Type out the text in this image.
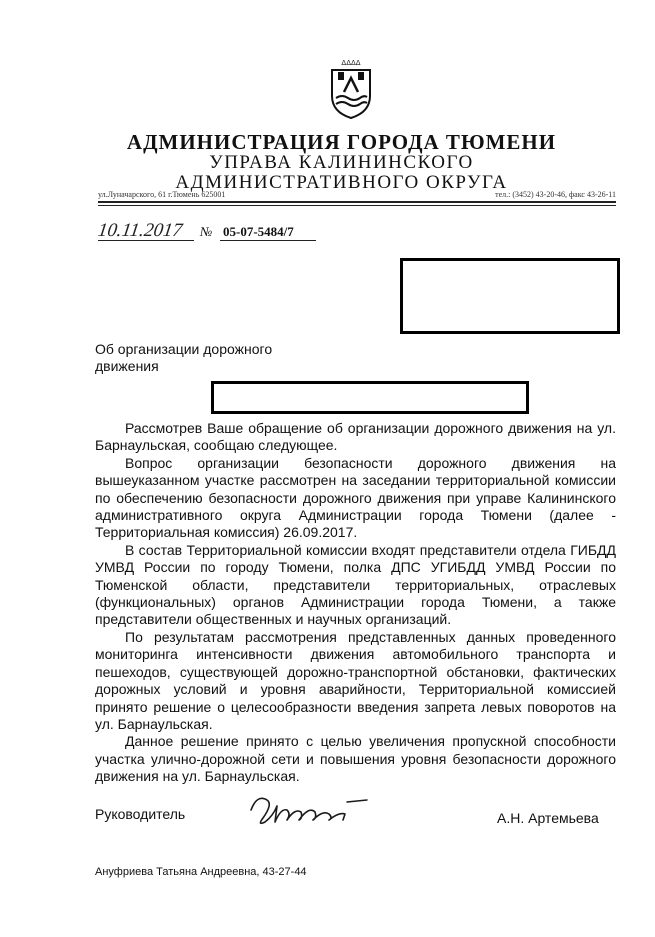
ΔΔΔΔ
АДМИНИСТРАЦИЯ ГОРОДА ТЮМЕНИ
УПРАВА КАЛИНИНСКОГО
АДМИНИСТРАТИВНОГО ОКРУГА
ул.Луначарского, 61 г.Тюмень 625001	тел.: (3452) 43-20-46, факс 43-26-11
10.11.2017 № 05-07-5484/7
Об организации дорожного движения

Рассмотрев Ваше обращение об организации дорожного движения на ул. Барнаульская, сообщаю следующее.

Вопрос организации безопасности дорожного движения на вышеуказанном участке рассмотрен на заседании территориальной комиссии по обеспечению безопасности дорожного движения при управе Калининского административного округа Администрации города Тюмени (далее - Территориальная комиссия) 26.09.2017.

В состав Территориальной комиссии входят представители отдела ГИБДД УМВД России по городу Тюмени, полка ДПС УГИБДД УМВД России по Тюменской области, представители территориальных, отраслевых (функциональных) органов Администрации города Тюмени, а также представители общественных и научных организаций.

По результатам рассмотрения представленных данных проведенного мониторинга интенсивности движения автомобильного транспорта и пешеходов, существующей дорожно-транспортной обстановки, фактических дорожных условий и уровня аварийности, Территориальной комиссией принято решение о целесообразности введения запрета левых поворотов на ул. Барнаульская.

Данное решение принято с целью увеличения пропускной способности участка улично-дорожной сети и повышения уровня безопасности дорожного движения на ул. Барнаульская.

Руководитель	А.Н. Артемьева
Ануфриева Татьяна Андреевна, 43-27-44
